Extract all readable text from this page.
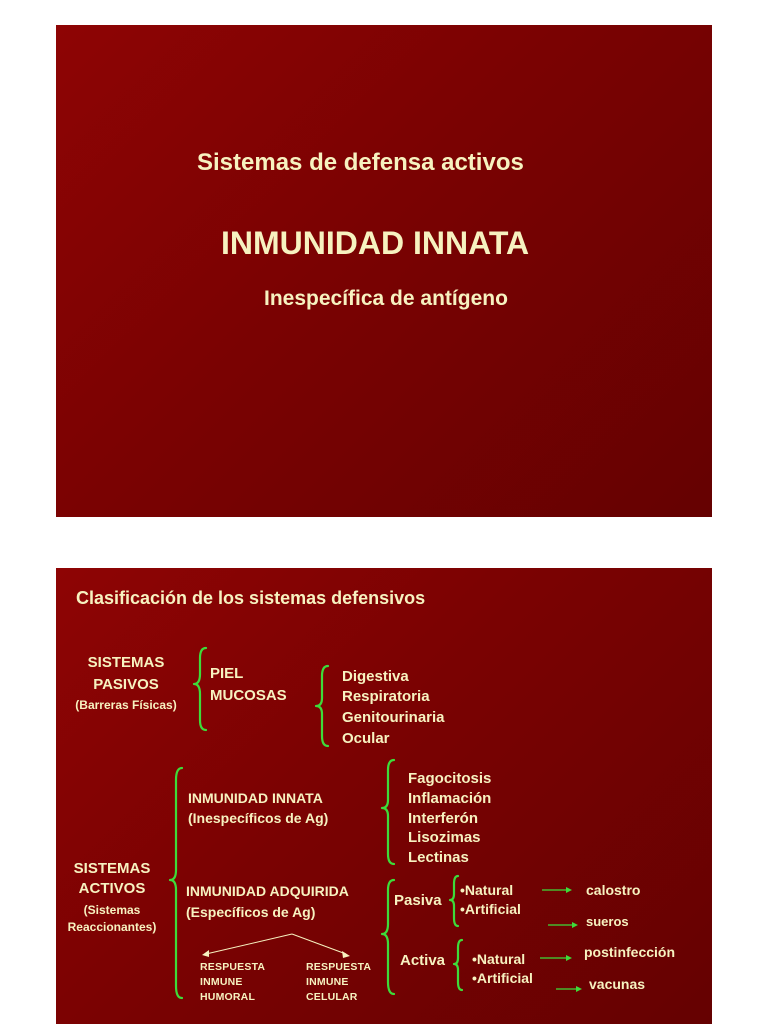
Sistemas de defensa activos
INMUNIDAD INNATA
Inespecífica de antígeno
Clasificación de los sistemas defensivos
SISTEMAS
PASIVOS
(Barreras Físicas)
PIEL
MUCOSAS
Digestiva
Respiratoria
Genitourinaria
Ocular
SISTEMAS
ACTIVOS
(Sistemas
Reaccionantes)
INMUNIDAD INNATA
(Inespecíficos de Ag)
Fagocitosis
Inflamación
Interferón
Lisozimas
Lectinas
INMUNIDAD ADQUIRIDA
(Específicos de Ag)
RESPUESTA
INMUNE
HUMORAL
RESPUESTA
INMUNE
CELULAR
Pasiva
•Natural
•Artificial
calostro
sueros
Activa •Natural
•Artificial
postinfección
vacunas
